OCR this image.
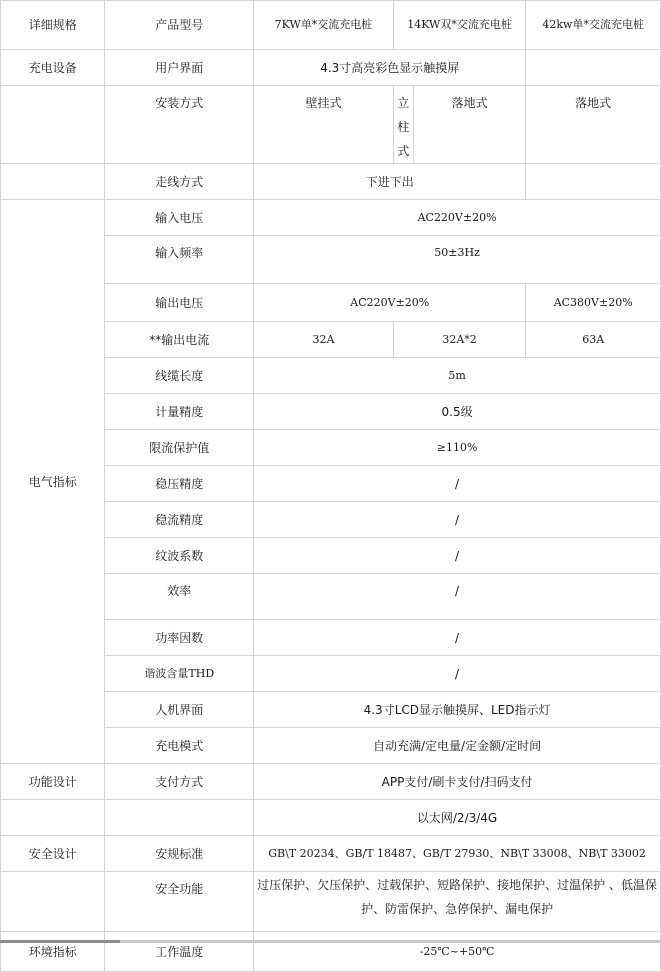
详细规格	产品型号	7KW单*交流充电桩	14KW双*交流充电桩		42kw单*交流充电桩
充电设备	用户界面	4.3寸高亮彩色显示触摸屏			
	安装方式	壁挂式	立柱式	落地式	落地式
	走线方式	下进下出			
电气指标	输入电压	AC220V±20%			
	输入频率	50±3Hz			
	输出电压	AC220V±20%			AC380V±20%
	**输出电流	32A	32A*2		63A
	线缆长度	5m			
	计量精度	0.5级			
	限流保护值	≥110%			
	稳压精度	/			
	稳流精度	/			
	纹波系数	/			
	效率	/			
	功率因数	/			
	谐波含量THD	/			
	人机界面	4.3寸LCD显示触摸屏、LED指示灯			
	充电模式	自动充满/定电量/定金额/定时间			
功能设计	支付方式	APP支付/刷卡支付/扫码支付			
		以太网/2/3/4G			
安全设计	安规标准	GB\T 20234、GB/T 18487、GB/T 27930、NB\T 33008、NB\T 33002			
	安全功能	过压保护、欠压保护、过载保护、短路保护、接地保护、过温保护 、低温保护、防雷保护、急停保护、漏电保护			
环境指标	工作温度	-25℃~+50℃			
